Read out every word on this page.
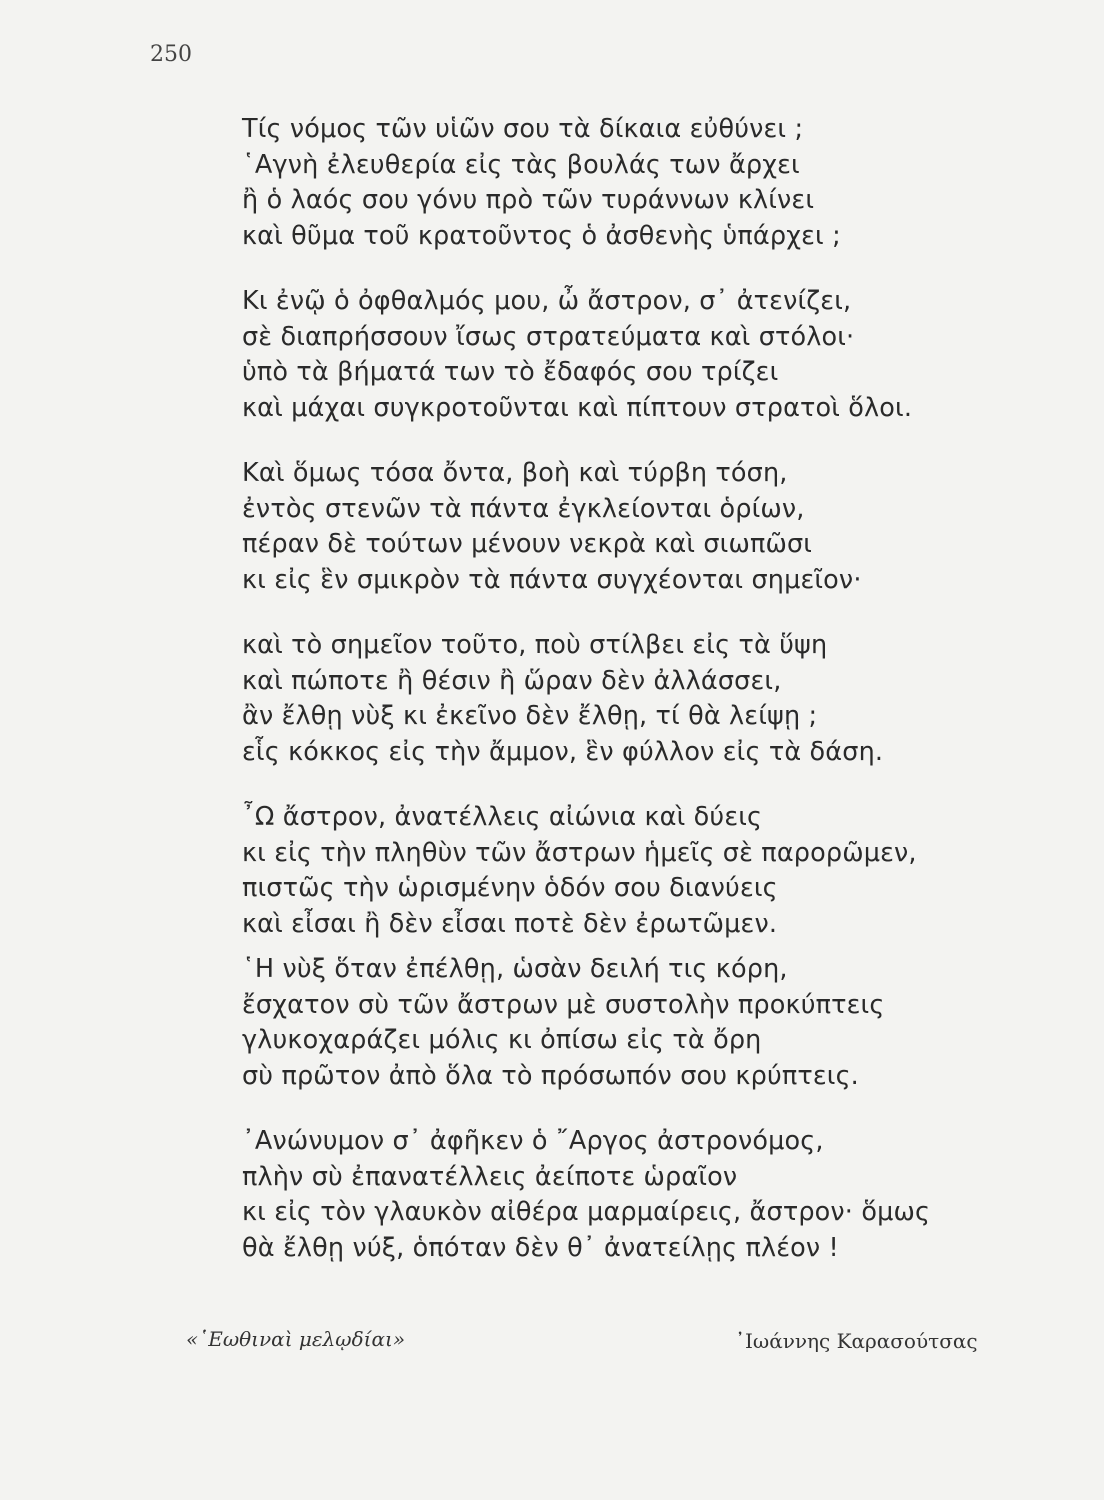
250
Τίς νόμος τῶν υἱῶν σου τὰ δίκαια εὐθύνει ;
῾Αγνὴ ἐλευθερία εἰς τὰς βουλάς των ἄρχει
ἢ ὁ λαός σου γόνυ πρὸ τῶν τυράννων κλίνει
καὶ θῦμα τοῦ κρατοῦντος ὁ ἀσθενὴς ὑπάρχει ;
Κι ἐνῷ ὁ ὀφθαλμός μου, ὦ ἄστρον, σ᾽ ἀτενίζει,
σὲ διαπρήσσουν ἴσως στρατεύματα καὶ στόλοι·
ὑπὸ τὰ βήματά των τὸ ἔδαφός σου τρίζει
καὶ μάχαι συγκροτοῦνται καὶ πίπτουν στρατοὶ ὅλοι.
Καὶ ὅμως τόσα ὄντα, βοὴ καὶ τύρβη τόση,
ἐντὸς στενῶν τὰ πάντα ἐγκλείονται ὁρίων,
πέραν δὲ τούτων μένουν νεκρὰ καὶ σιωπῶσι
κι εἰς ἓν σμικρὸν τὰ πάντα συγχέονται σημεῖον·
καὶ τὸ σημεῖον τοῦτο, ποὺ στίλβει εἰς τὰ ὕψη
καὶ πώποτε ἢ θέσιν ἢ ὥραν δὲν ἀλλάσσει,
ἂν ἔλθῃ νὺξ κι ἐκεῖνο δὲν ἔλθῃ, τί θὰ λείψῃ ;
εἷς κόκκος εἰς τὴν ἄμμον, ἓν φύλλον εἰς τὰ δάση.
῏Ω ἄστρον, ἀνατέλλεις αἰώνια καὶ δύεις
κι εἰς τὴν πληθὺν τῶν ἄστρων ἡμεῖς σὲ παρορῶμεν,
πιστῶς τὴν ὡρισμένην ὁδόν σου διανύεις
καὶ εἶσαι ἢ δὲν εἶσαι ποτὲ δὲν ἐρωτῶμεν.
῾Η νὺξ ὅταν ἐπέλθῃ, ὡσὰν δειλή τις κόρη,
ἔσχατον σὺ τῶν ἄστρων μὲ συστολὴν προκύπτεις
γλυκοχαράζει μόλις κι ὀπίσω εἰς τὰ ὄρη
σὺ πρῶτον ἀπὸ ὅλα τὸ πρόσωπόν σου κρύπτεις.
᾽Ανώνυμον σ᾽ ἀφῆκεν ὁ ῎Αργος ἀστρονόμος,
πλὴν σὺ ἐπανατέλλεις ἀείποτε ὡραῖον
κι εἰς τὸν γλαυκὸν αἰθέρα μαρμαίρεις, ἄστρον· ὅμως
θὰ ἔλθῃ νύξ, ὁπόταν δὲν θ᾽ ἀνατείλῃς πλέον !
«῾Εωθιναὶ μελῳδίαι»	᾽Ιωάννης Καρασούτσας
